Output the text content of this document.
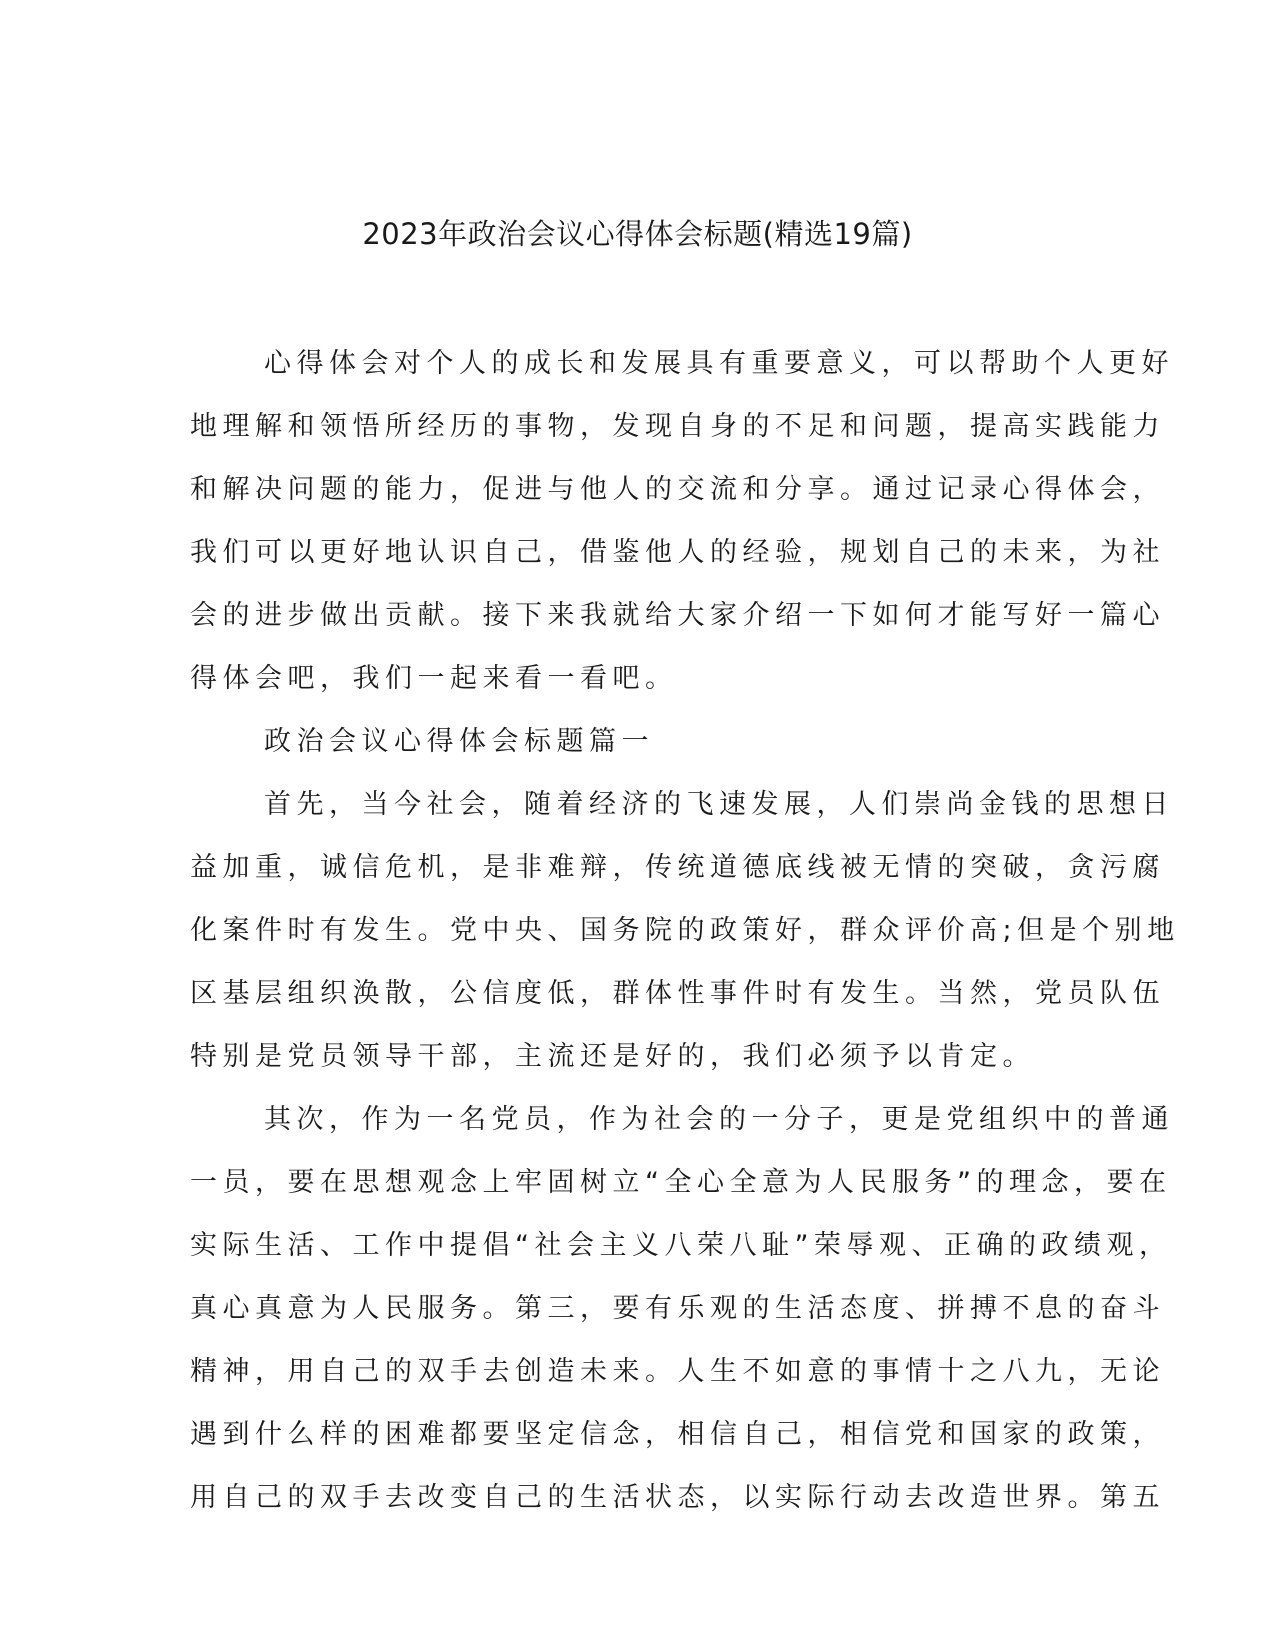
2023年政治会议心得体会标题(精选19篇)

心得体会对个人的成长和发展具有重要意义，可以帮助个人更好
地理解和领悟所经历的事物，发现自身的不足和问题，提高实践能力
和解决问题的能力，促进与他人的交流和分享。通过记录心得体会，
我们可以更好地认识自己，借鉴他人的经验，规划自己的未来，为社
会的进步做出贡献。接下来我就给大家介绍一下如何才能写好一篇心
得体会吧，我们一起来看一看吧。

政治会议心得体会标题篇一

首先，当今社会，随着经济的飞速发展，人们崇尚金钱的思想日
益加重，诚信危机，是非难辩，传统道德底线被无情的突破，贪污腐
化案件时有发生。党中央、国务院的政策好，群众评价高;但是个别地
区基层组织涣散，公信度低，群体性事件时有发生。当然，党员队伍
特别是党员领导干部，主流还是好的，我们必须予以肯定。

其次，作为一名党员，作为社会的一分子，更是党组织中的普通
一员，要在思想观念上牢固树立“全心全意为人民服务”的理念，要在
实际生活、工作中提倡“社会主义八荣八耻”荣辱观、正确的政绩观，
真心真意为人民服务。第三，要有乐观的生活态度、拼搏不息的奋斗
精神，用自己的双手去创造未来。人生不如意的事情十之八九，无论
遇到什么样的困难都要坚定信念，相信自己，相信党和国家的政策，
用自己的双手去改变自己的生活状态，以实际行动去改造世界。第五
